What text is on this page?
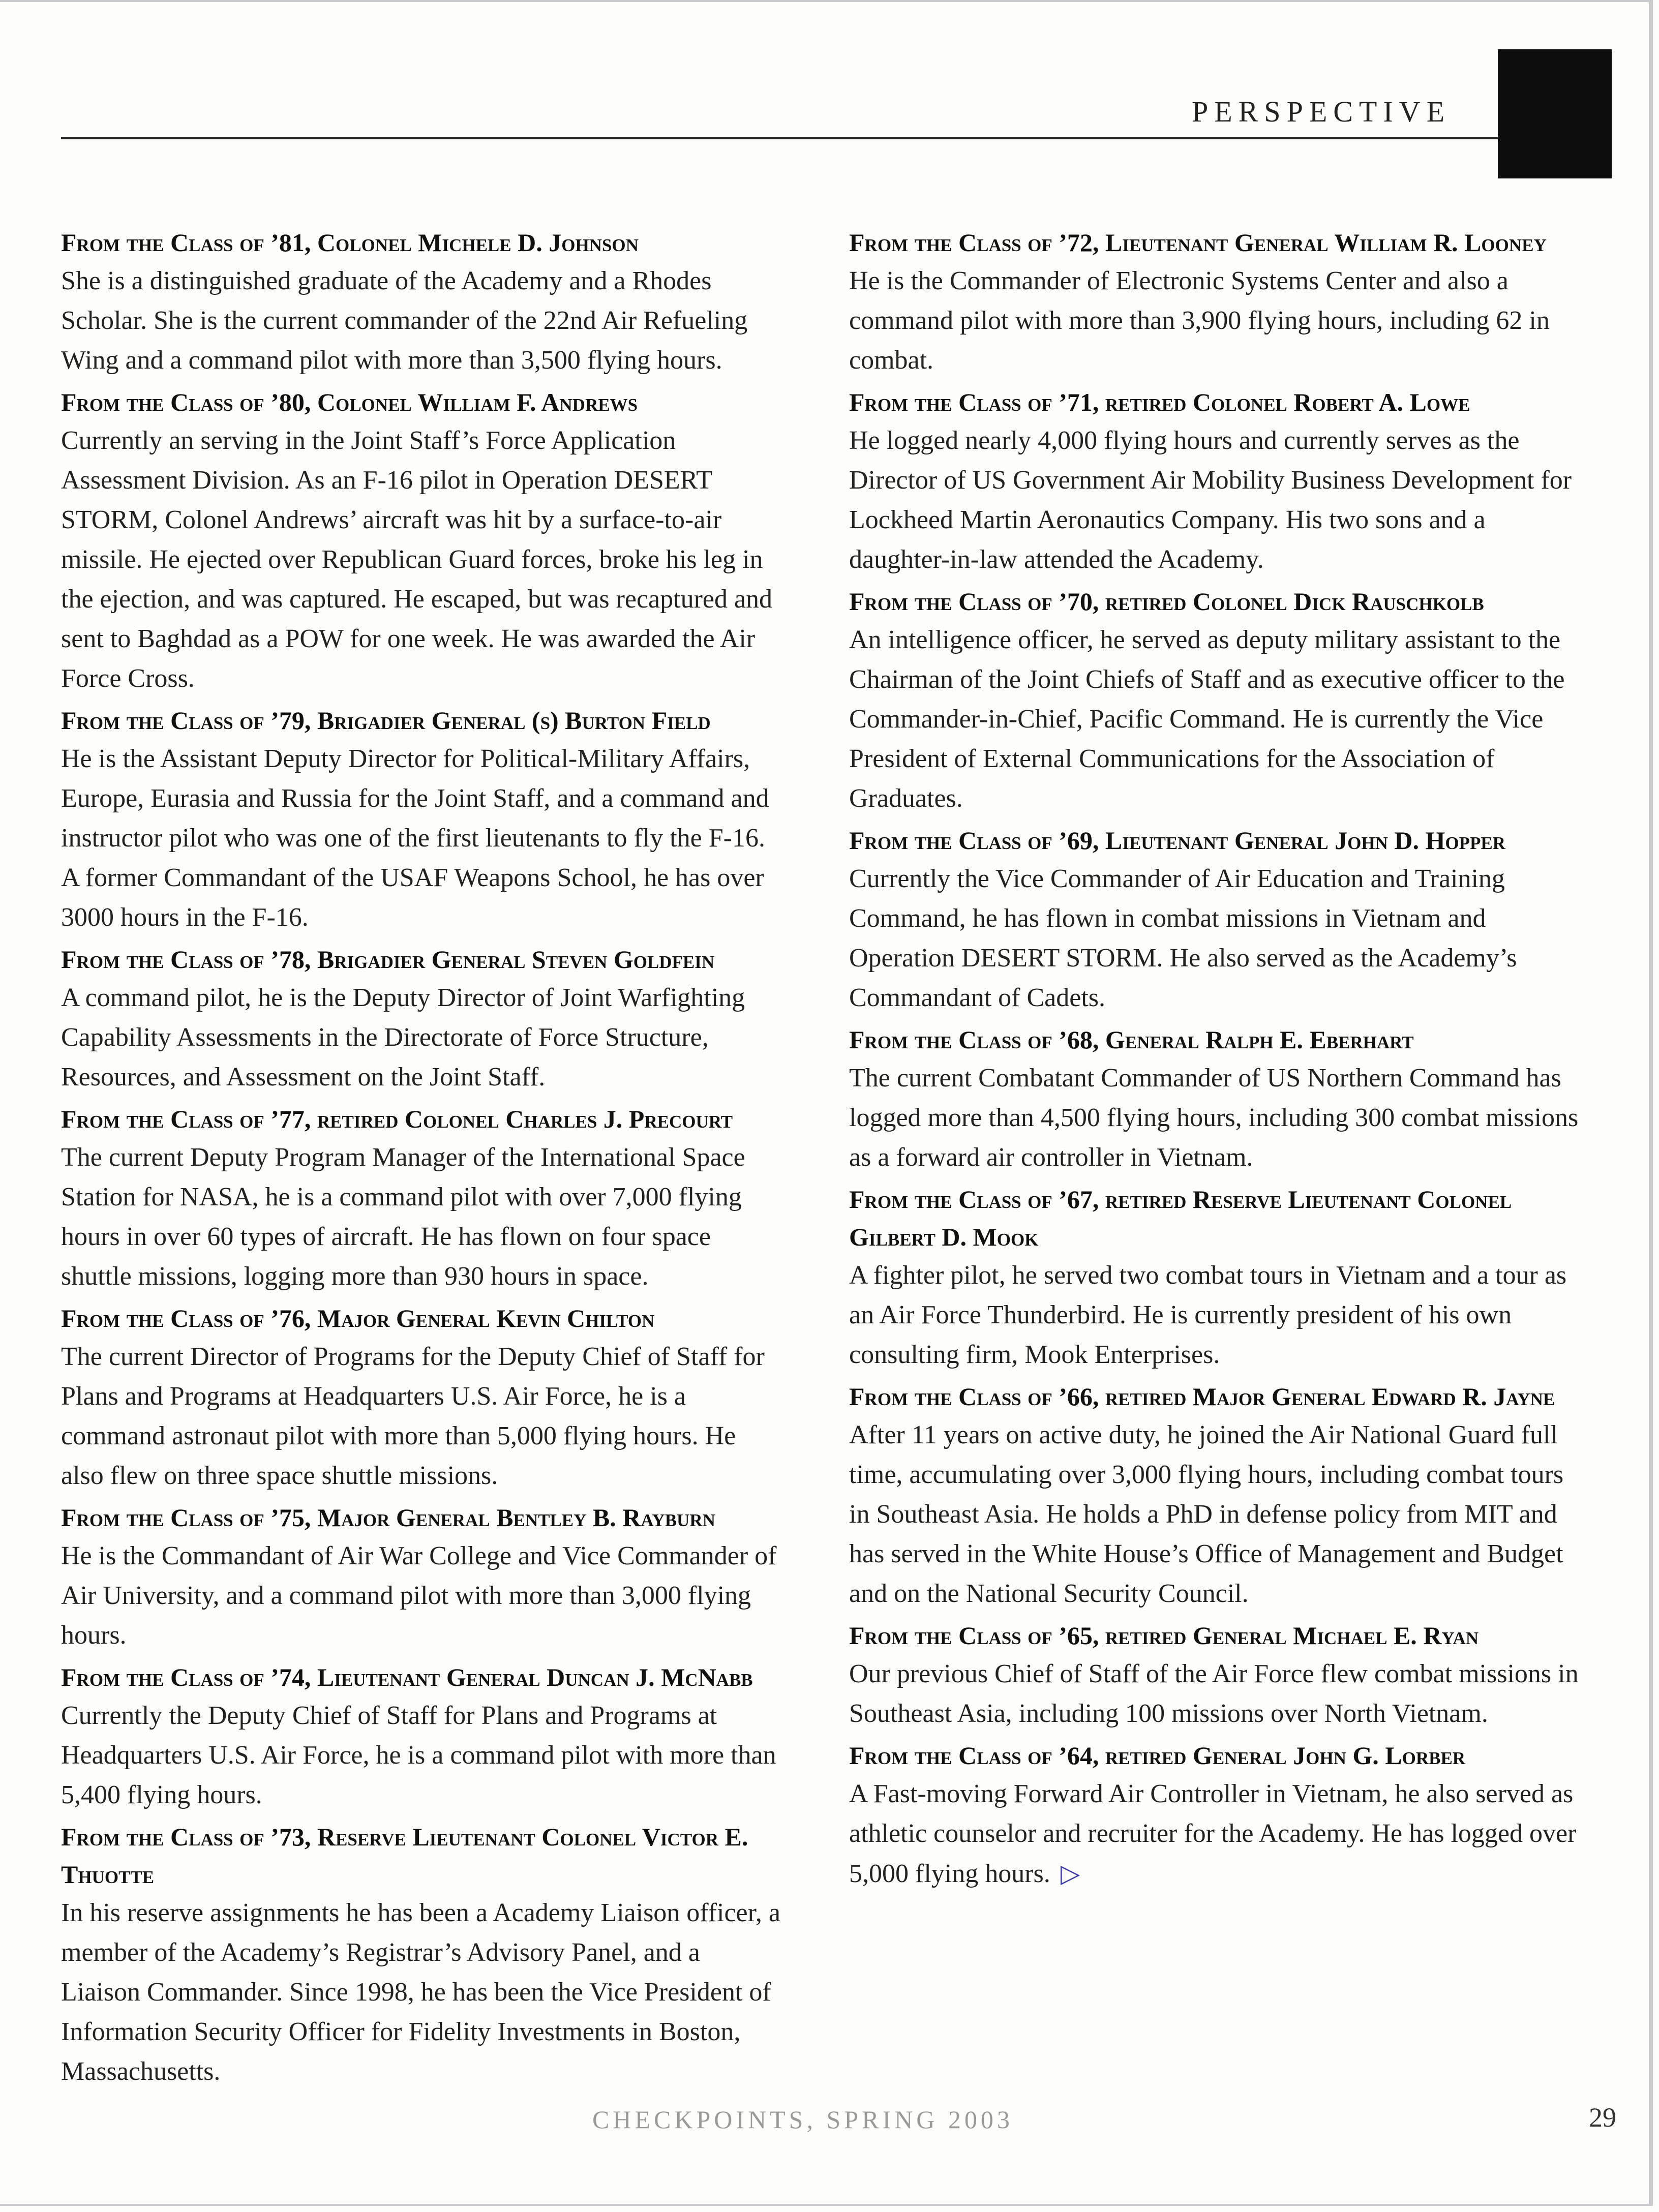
PERSPECTIVE

From the Class of ’81, Colonel Michele D. Johnson

She is a distinguished graduate of the Academy and a Rhodes Scholar. She is the current commander of the 22nd Air Refueling Wing and a command pilot with more than 3,500 flying hours.

From the Class of ’80, Colonel William F. Andrews

Currently an serving in the Joint Staff’s Force Application Assessment Division. As an F-16 pilot in Operation DESERT STORM, Colonel Andrews’ aircraft was hit by a surface-to-air missile. He ejected over Republican Guard forces, broke his leg in the ejection, and was captured. He escaped, but was recaptured and sent to Baghdad as a POW for one week. He was awarded the Air Force Cross.

From the Class of ’79, Brigadier General (s) Burton Field

He is the Assistant Deputy Director for Political-Military Affairs, Europe, Eurasia and Russia for the Joint Staff, and a command and instructor pilot who was one of the first lieutenants to fly the F-16. A former Commandant of the USAF Weapons School, he has over 3000 hours in the F-16.

From the Class of ’78, Brigadier General Steven Goldfein

A command pilot, he is the Deputy Director of Joint Warfighting Capability Assessments in the Directorate of Force Structure, Resources, and Assessment on the Joint Staff.

From the Class of ’77, retired Colonel Charles J. Precourt

The current Deputy Program Manager of the International Space Station for NASA, he is a command pilot with over 7,000 flying hours in over 60 types of aircraft. He has flown on four space shuttle missions, logging more than 930 hours in space.

From the Class of ’76, Major General Kevin Chilton

The current Director of Programs for the Deputy Chief of Staff for Plans and Programs at Headquarters U.S. Air Force, he is a command astronaut pilot with more than 5,000 flying hours. He also flew on three space shuttle missions.

From the Class of ’75, Major General Bentley B. Rayburn

He is the Commandant of Air War College and Vice Commander of Air University, and a command pilot with more than 3,000 flying hours.

From the Class of ’74, Lieutenant General Duncan J. McNabb

Currently the Deputy Chief of Staff for Plans and Programs at Headquarters U.S. Air Force, he is a command pilot with more than 5,400 flying hours.

From the Class of ’73, Reserve Lieutenant Colonel Victor E. Thuotte

In his reserve assignments he has been a Academy Liaison officer, a member of the Academy’s Registrar’s Advisory Panel, and a Liaison Commander. Since 1998, he has been the Vice President of Information Security Officer for Fidelity Investments in Boston, Massachusetts.

From the Class of ’72, Lieutenant General William R. Looney

He is the Commander of Electronic Systems Center and also a command pilot with more than 3,900 flying hours, including 62 in combat.

From the Class of ’71, retired Colonel Robert A. Lowe

He logged nearly 4,000 flying hours and currently serves as the Director of US Government Air Mobility Business Development for Lockheed Martin Aeronautics Company. His two sons and a daughter-in-law attended the Academy.

From the Class of ’70, retired Colonel Dick Rauschkolb

An intelligence officer, he served as deputy military assistant to the Chairman of the Joint Chiefs of Staff and as executive officer to the Commander-in-Chief, Pacific Command. He is currently the Vice President of External Communications for the Association of Graduates.

From the Class of ’69, Lieutenant General John D. Hopper

Currently the Vice Commander of Air Education and Training Command, he has flown in combat missions in Vietnam and Operation DESERT STORM. He also served as the Academy’s Commandant of Cadets.

From the Class of ’68, General Ralph E. Eberhart

The current Combatant Commander of US Northern Command has logged more than 4,500 flying hours, including 300 combat missions as a forward air controller in Vietnam.

From the Class of ’67, retired Reserve Lieutenant Colonel Gilbert D. Mook

A fighter pilot, he served two combat tours in Vietnam and a tour as an Air Force Thunderbird. He is currently president of his own consulting firm, Mook Enterprises.

From the Class of ’66, retired Major General Edward R. Jayne

After 11 years on active duty, he joined the Air National Guard full time, accumulating over 3,000 flying hours, including combat tours in Southeast Asia. He holds a PhD in defense policy from MIT and has served in the White House’s Office of Management and Budget and on the National Security Council.

From the Class of ’65, retired General Michael E. Ryan

Our previous Chief of Staff of the Air Force flew combat missions in Southeast Asia, including 100 missions over North Vietnam.

From the Class of ’64, retired General John G. Lorber

A Fast-moving Forward Air Controller in Vietnam, he also served as athletic counselor and recruiter for the Academy. He has logged over 5,000 flying hours. ▷

CHECKPOINTS, SPRING 2003	29
